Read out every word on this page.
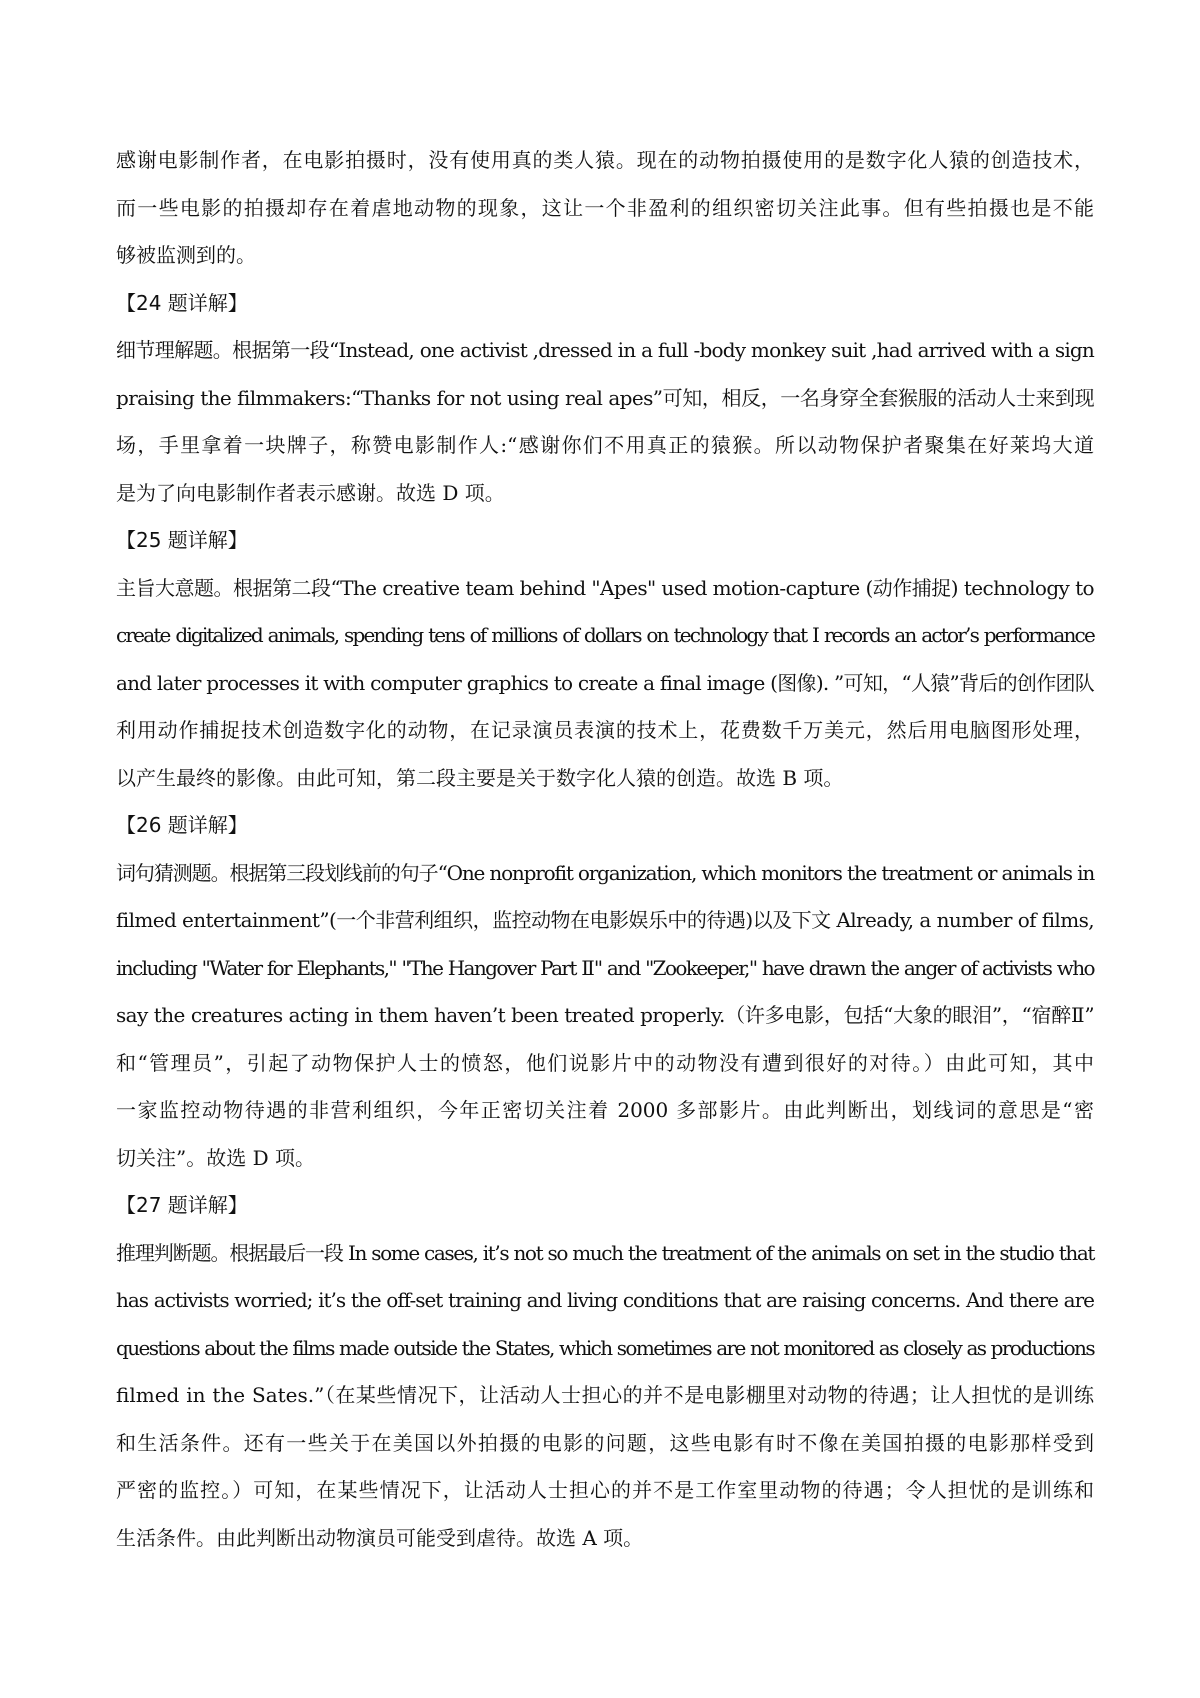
感谢电影制作者，在电影拍摄时，没有使用真的类人猿。现在的动物拍摄使用的是数字化人猿的创造技术，

而一些电影的拍摄却存在着虐地动物的现象，这让一个非盈利的组织密切关注此事。但有些拍摄也是不能

够被监测到的。

【24 题详解】

细节理解题。根据第一段“Instead, one activist ,dressed in a full -body monkey suit ,had arrived with a sign

praising the filmmakers:“Thanks for not using real apes”可知，相反，一名身穿全套猴服的活动人士来到现

场，手里拿着一块牌子，称赞电影制作人:“感谢你们不用真正的猿猴。所以动物保护者聚集在好莱坞大道

是为了向电影制作者表示感谢。故选 D 项。

【25 题详解】

主旨大意题。根据第二段“The creative team behind "Apes" used motion-capture (动作捕捉) technology to

create digitalized animals, spending tens of millions of dollars on technology that I records an actor’s performance

and later processes it with computer graphics to create a final image (图像). ”可知，“人猿”背后的创作团队

利用动作捕捉技术创造数字化的动物，在记录演员表演的技术上，花费数千万美元，然后用电脑图形处理，

以产生最终的影像。由此可知，第二段主要是关于数字化人猿的创造。故选 B 项。

【26 题详解】

词句猜测题。根据第三段划线前的句子“One nonprofit organization, which monitors the treatment or animals in

filmed entertainment”(一个非营利组织，监控动物在电影娱乐中的待遇)以及下文 Already, a number of films,

including "Water for Elephants," "The Hangover Part Ⅱ" and "Zookeeper," have drawn the anger of activists who

say the creatures acting in them haven’t been treated properly.（许多电影，包括“大象的眼泪”，“宿醉Ⅱ”

和“管理员”，引起了动物保护人士的愤怒，他们说影片中的动物没有遭到很好的对待。）由此可知，其中

一家监控动物待遇的非营利组织，今年正密切关注着 2000 多部影片。由此判断出，划线词的意思是“密

切关注”。故选 D 项。

【27 题详解】

推理判断题。根据最后一段 In some cases, it’s not so much the treatment of the animals on set in the studio that

has activists worried; it’s the off-set training and living conditions that are raising concerns. And there are

questions about the films made outside the States, which sometimes are not monitored as closely as productions

filmed in the Sates.”（在某些情况下，让活动人士担心的并不是电影棚里对动物的待遇；让人担忧的是训练

和生活条件。还有一些关于在美国以外拍摄的电影的问题，这些电影有时不像在美国拍摄的电影那样受到

严密的监控。）可知，在某些情况下，让活动人士担心的并不是工作室里动物的待遇；令人担忧的是训练和

生活条件。由此判断出动物演员可能受到虐待。故选 A 项。
